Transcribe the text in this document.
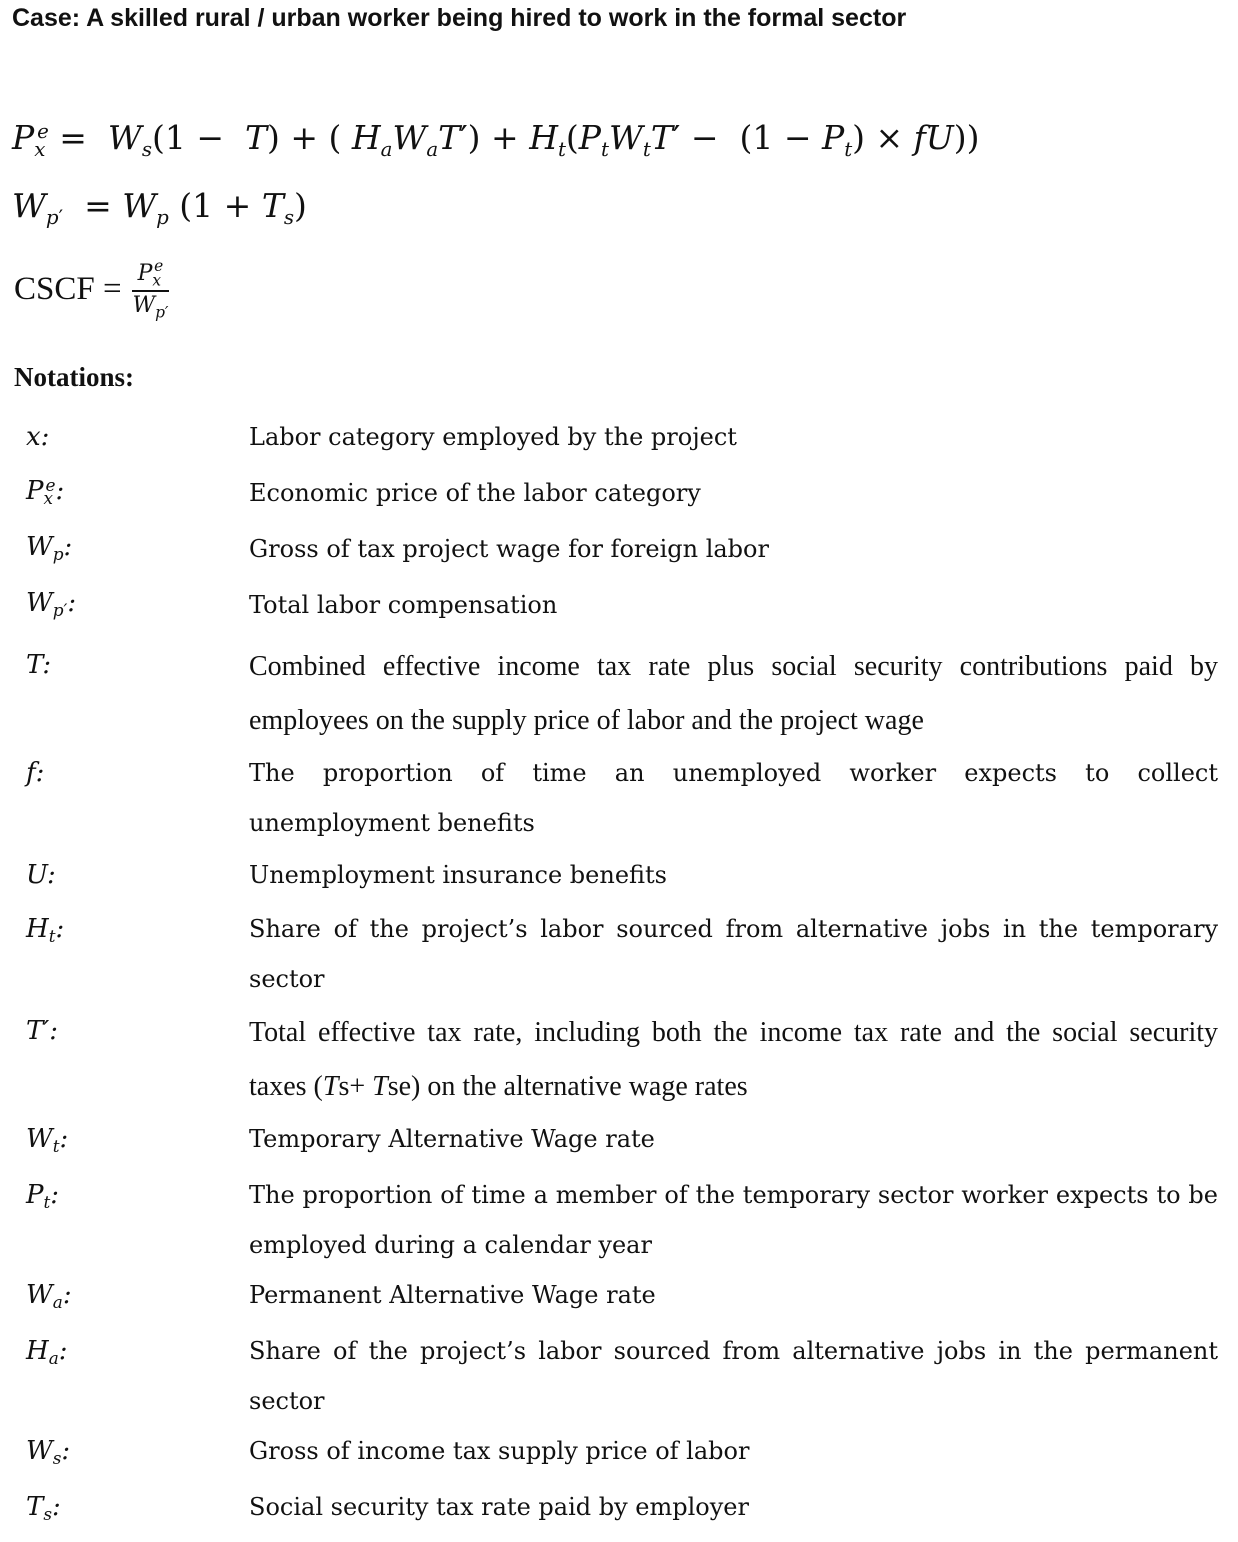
Case: A skilled rural / urban worker being hired to work in the formal sector
$P_x^e = W_s(1 - T)$ + ( $H_aW_aT') + H_t(P_tW_tT' - (1 - P_t) \times fU)$)
$W_{p'} = W_p$ $(1 + T_s)$
CSCF = $\frac{P_x^e}{W_{p'}}$
Notations:
x:	Labor category employed by the project
$P_x^e$:	Economic price of the labor category
$W_p$:	Gross of tax project wage for foreign labor
$W_{p'}$:	Total labor compensation
T:	Combined effective income tax rate plus social security contributions paid by employees on the supply price of labor and the project wage
f:	The proportion of time an unemployed worker expects to collect unemployment benefits
U:	Unemployment insurance benefits
$H_t$:	Share of the project’s labor sourced from alternative jobs in the temporary sector
T′:	Total effective tax rate, including both the income tax rate and the social security taxes (Ts+ Tse) on the alternative wage rates
$W_t$:	Temporary Alternative Wage rate
$P_t$:	The proportion of time a member of the temporary sector worker expects to be employed during a calendar year
$W_a$:	Permanent Alternative Wage rate
$H_a$:	Share of the project’s labor sourced from alternative jobs in the permanent sector
$W_s$:	Gross of income tax supply price of labor
$T_s$:	Social security tax rate paid by employer
